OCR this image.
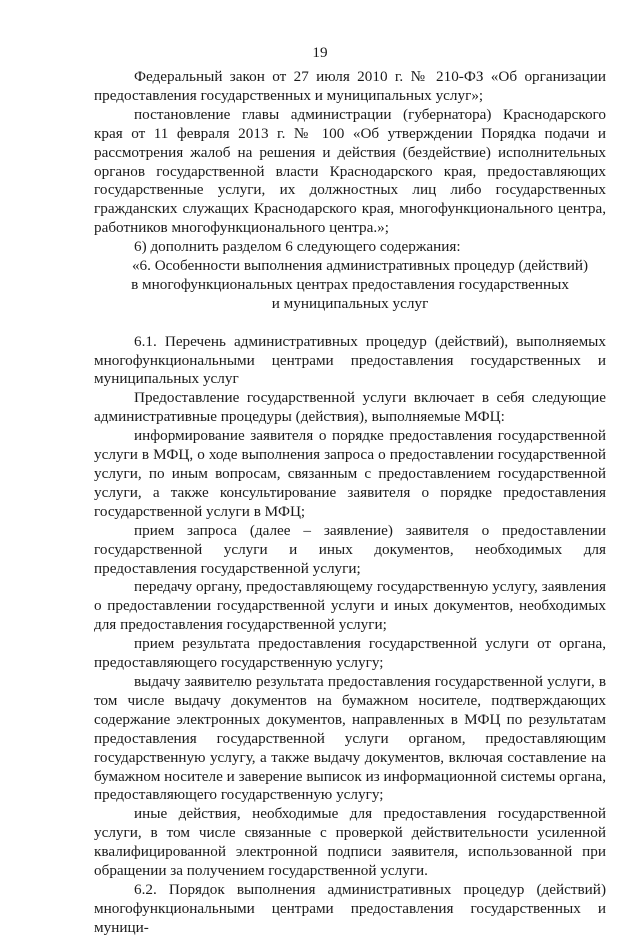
19

Федеральный закон от 27 июля 2010 г. № 210-ФЗ «Об организации предоставления государственных и муниципальных услуг»;

постановление главы администрации (губернатора) Краснодарского края от 11 февраля 2013 г. № 100 «Об утверждении Порядка подачи и рассмотрения жалоб на решения и действия (бездействие) исполнительных органов государственной власти Краснодарского края, предоставляющих государственные услуги, их должностных лиц либо государственных гражданских служащих Краснодарского края, многофункционального центра, работников многофункционального центра.»;

6) дополнить разделом 6 следующего содержания:

«6. Особенности выполнения административных процедур (действий)
в многофункциональных центрах предоставления государственных
и муниципальных услуг

6.1. Перечень административных процедур (действий), выполняемых многофункциональными центрами предоставления государственных и муниципальных услуг

Предоставление государственной услуги включает в себя следующие административные процедуры (действия), выполняемые МФЦ:

информирование заявителя о порядке предоставления государственной услуги в МФЦ, о ходе выполнения запроса о предоставлении государственной услуги, по иным вопросам, связанным с предоставлением государственной услуги, а также консультирование заявителя о порядке предоставления государственной услуги в МФЦ;

прием запроса (далее – заявление) заявителя о предоставлении государственной услуги и иных документов, необходимых для предоставления государственной услуги;

передачу органу, предоставляющему государственную услугу, заявления о предоставлении государственной услуги и иных документов, необходимых для предоставления государственной услуги;

прием результата предоставления государственной услуги от органа, предоставляющего государственную услугу;

выдачу заявителю результата предоставления государственной услуги, в том числе выдачу документов на бумажном носителе, подтверждающих содержание электронных документов, направленных в МФЦ по результатам предоставления государственной услуги органом, предоставляющим государственную услугу, а также выдачу документов, включая составление на бумажном носителе и заверение выписок из информационной системы органа, предоставляющего государственную услугу;

иные действия, необходимые для предоставления государственной услуги, в том числе связанные с проверкой действительности усиленной квалифицированной электронной подписи заявителя, использованной при обращении за получением государственной услуги.

6.2. Порядок выполнения административных процедур (действий) многофункциональными центрами предоставления государственных и муници-
